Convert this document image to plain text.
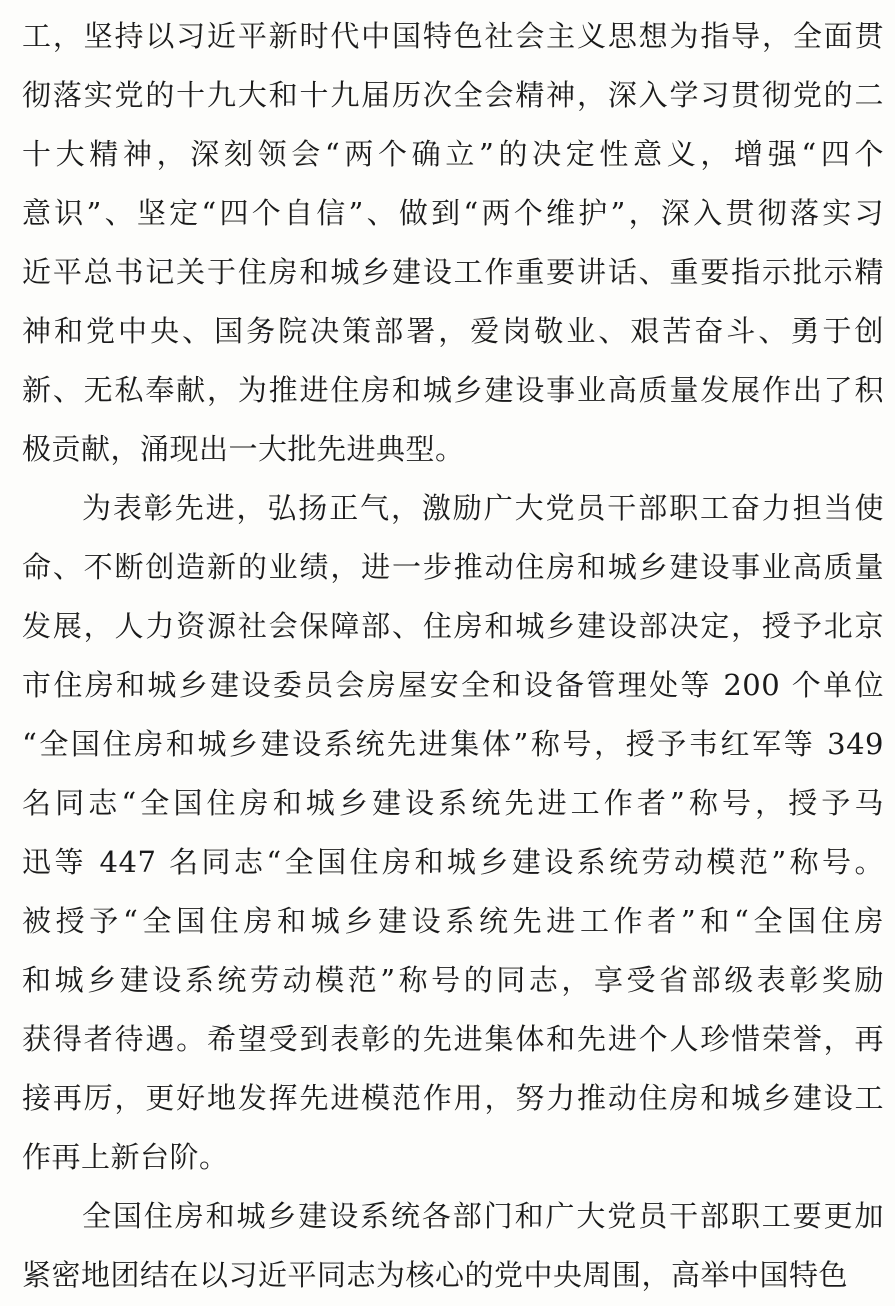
工，坚持以习近平新时代中国特色社会主义思想为指导，全面贯
彻落实党的十九大和十九届历次全会精神，深入学习贯彻党的二
十大精神，深刻领会“两个确立”的决定性意义，增强“四个
意识”、坚定“四个自信”、做到“两个维护”，深入贯彻落实习
近平总书记关于住房和城乡建设工作重要讲话、重要指示批示精
神和党中央、国务院决策部署，爱岗敬业、艰苦奋斗、勇于创
新、无私奉献，为推进住房和城乡建设事业高质量发展作出了积
极贡献，涌现出一大批先进典型。
为表彰先进，弘扬正气，激励广大党员干部职工奋力担当使
命、不断创造新的业绩，进一步推动住房和城乡建设事业高质量
发展，人力资源社会保障部、住房和城乡建设部决定，授予北京
市住房和城乡建设委员会房屋安全和设备管理处等 200 个单位
“全国住房和城乡建设系统先进集体”称号，授予韦红军等 349
名同志“全国住房和城乡建设系统先进工作者”称号，授予马
迅等 447 名同志“全国住房和城乡建设系统劳动模范”称号。
被授予“全国住房和城乡建设系统先进工作者”和“全国住房
和城乡建设系统劳动模范”称号的同志，享受省部级表彰奖励
获得者待遇。希望受到表彰的先进集体和先进个人珍惜荣誉，再
接再厉，更好地发挥先进模范作用，努力推动住房和城乡建设工
作再上新台阶。
全国住房和城乡建设系统各部门和广大党员干部职工要更加
紧密地团结在以习近平同志为核心的党中央周围，高举中国特色
